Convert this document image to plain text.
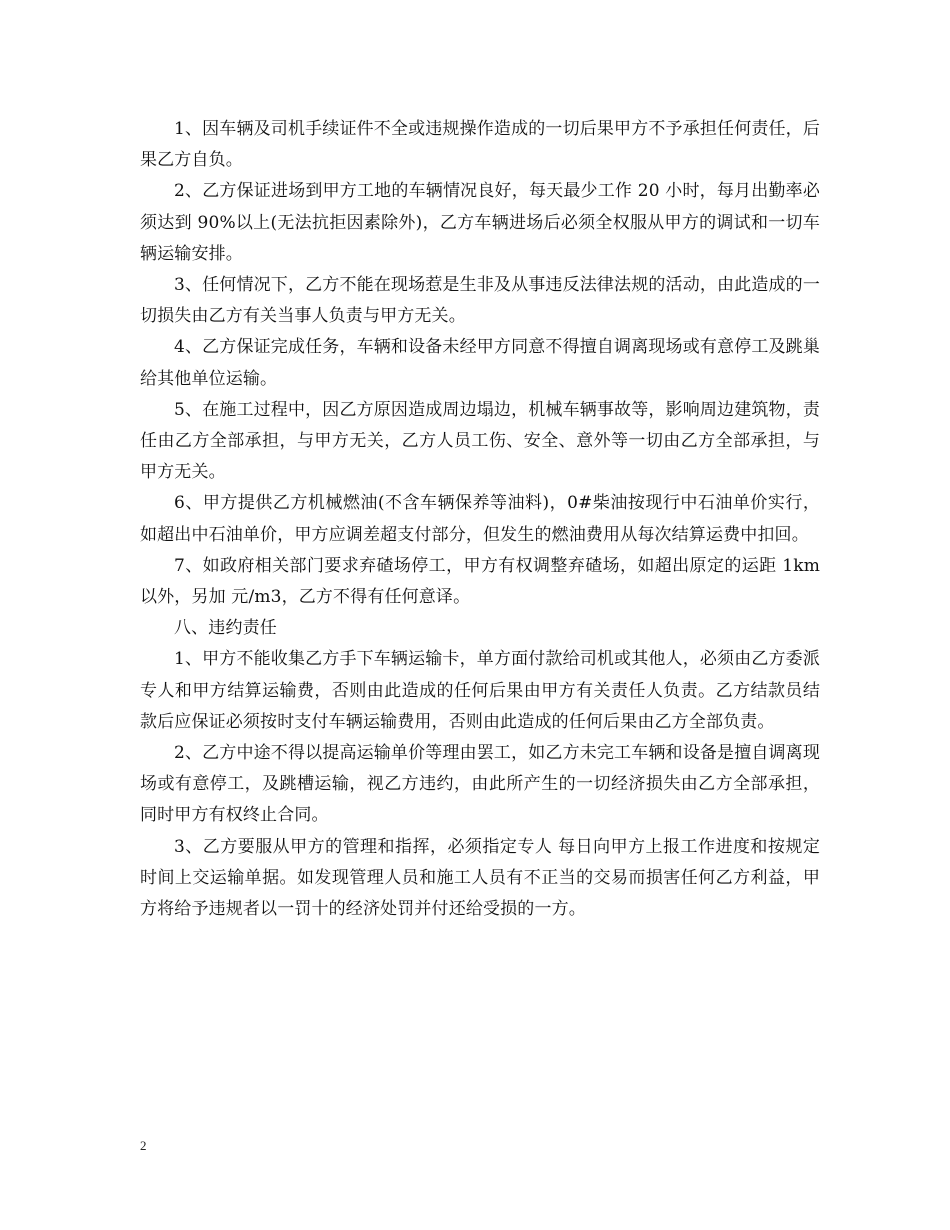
1、因车辆及司机手续证件不全或违规操作造成的一切后果甲方不予承担任何责任，后果乙方自负。

2、乙方保证进场到甲方工地的车辆情况良好，每天最少工作 20 小时，每月出勤率必须达到 90%以上(无法抗拒因素除外)，乙方车辆进场后必须全权服从甲方的调试和一切车辆运输安排。

3、任何情况下，乙方不能在现场惹是生非及从事违反法律法规的活动，由此造成的一切损失由乙方有关当事人负责与甲方无关。

4、乙方保证完成任务，车辆和设备未经甲方同意不得擅自调离现场或有意停工及跳巢给其他单位运输。

5、在施工过程中，因乙方原因造成周边塌边，机械车辆事故等，影响周边建筑物，责任由乙方全部承担，与甲方无关，乙方人员工伤、安全、意外等一切由乙方全部承担，与甲方无关。

6、甲方提供乙方机械燃油(不含车辆保养等油料)，0#柴油按现行中石油单价实行，如超出中石油单价，甲方应调差超支付部分，但发生的燃油费用从每次结算运费中扣回。

7、如政府相关部门要求弃碴场停工，甲方有权调整弃碴场，如超出原定的运距 1km 以外，另加 元/m3，乙方不得有任何意译。

八、违约责任

1、甲方不能收集乙方手下车辆运输卡，单方面付款给司机或其他人，必须由乙方委派专人和甲方结算运输费，否则由此造成的任何后果由甲方有关责任人负责。乙方结款员结款后应保证必须按时支付车辆运输费用，否则由此造成的任何后果由乙方全部负责。

2、乙方中途不得以提高运输单价等理由罢工，如乙方未完工车辆和设备是擅自调离现场或有意停工，及跳槽运输，视乙方违约，由此所产生的一切经济损失由乙方全部承担，同时甲方有权终止合同。

3、乙方要服从甲方的管理和指挥，必须指定专人 每日向甲方上报工作进度和按规定时间上交运输单据。如发现管理人员和施工人员有不正当的交易而损害任何乙方利益，甲方将给予违规者以一罚十的经济处罚并付还给受损的一方。

2
